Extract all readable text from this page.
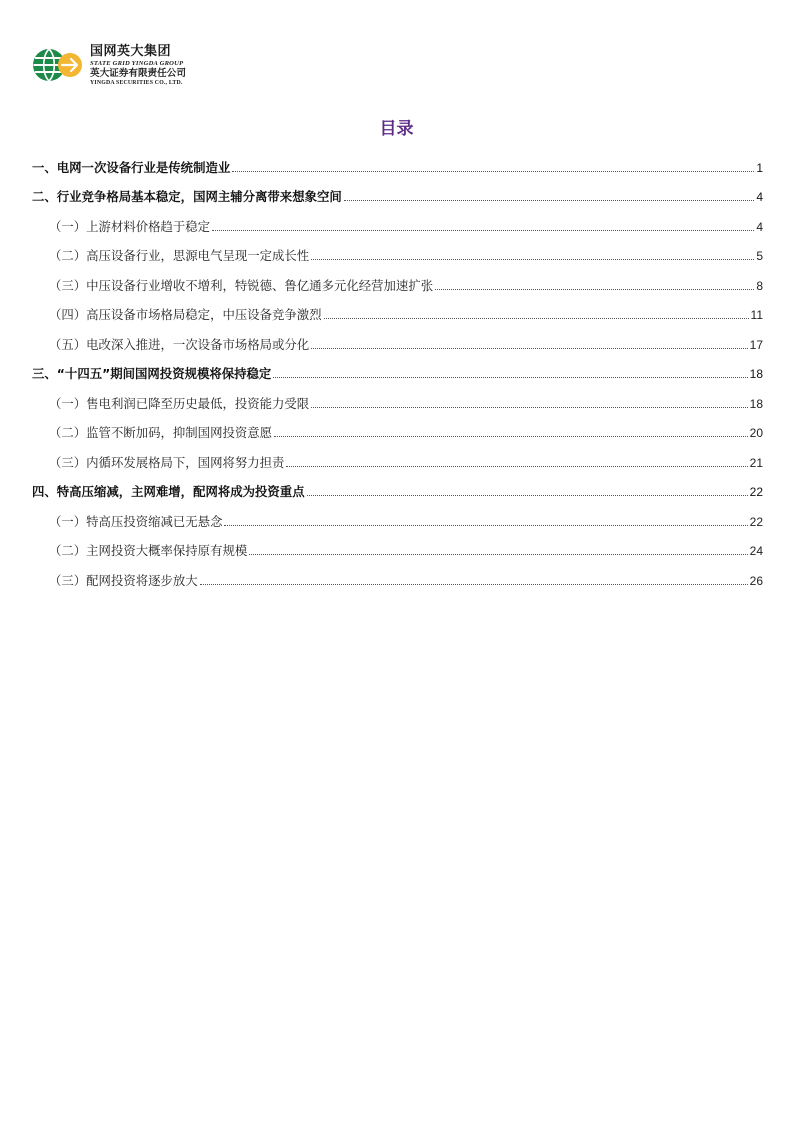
国网英大集团
STATE GRID YINGDA GROUP
英大证券有限责任公司
YINGDA SECURITIES CO., LTD.
目录
一、电网一次设备行业是传统制造业	1
二、行业竞争格局基本稳定，国网主辅分离带来想象空间	4
（一）上游材料价格趋于稳定	4
（二）高压设备行业，思源电气呈现一定成长性	5
（三）中压设备行业增收不增利，特锐德、鲁亿通多元化经营加速扩张	8
（四）高压设备市场格局稳定，中压设备竞争激烈	11
（五）电改深入推进，一次设备市场格局或分化	17
三、“十四五”期间国网投资规模将保持稳定	18
（一）售电利润已降至历史最低，投资能力受限	18
（二）监管不断加码，抑制国网投资意愿	20
（三）内循环发展格局下，国网将努力担责	21
四、特高压缩减，主网难增，配网将成为投资重点	22
（一）特高压投资缩减已无悬念	22
（二）主网投资大概率保持原有规模	24
（三）配网投资将逐步放大	26
